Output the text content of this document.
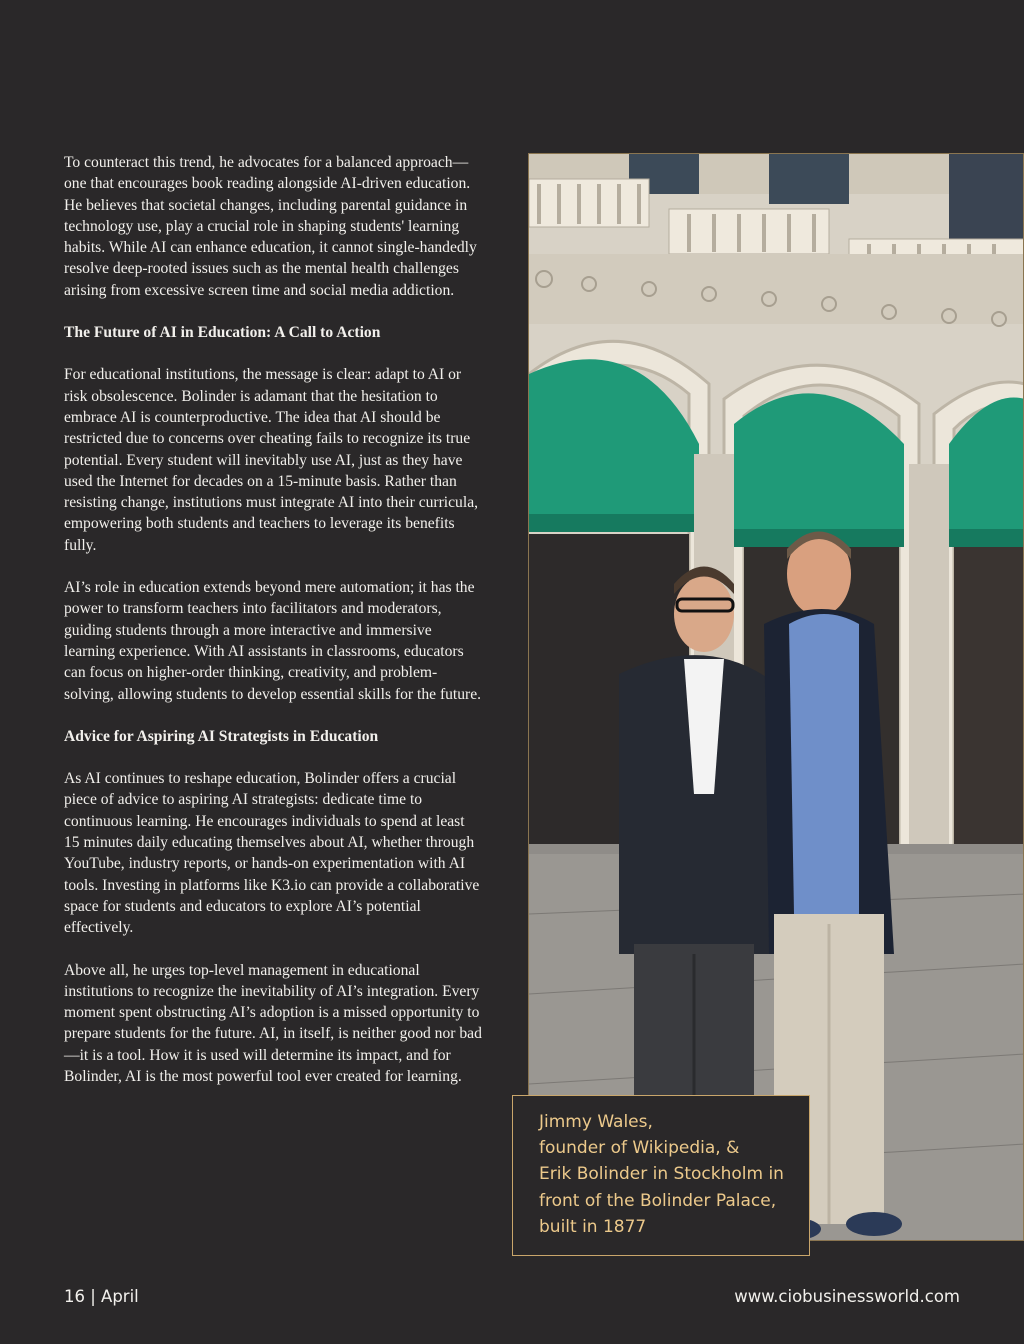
To counteract this trend, he advocates for a balanced approach—one that encourages book reading alongside AI-driven education. He believes that societal changes, including parental guidance in technology use, play a crucial role in shaping students' learning habits. While AI can enhance education, it cannot single-handedly resolve deep-rooted issues such as the mental health challenges arising from excessive screen time and social media addiction.

The Future of AI in Education: A Call to Action

For educational institutions, the message is clear: adapt to AI or risk obsolescence. Bolinder is adamant that the hesitation to embrace AI is counterproductive. The idea that AI should be restricted due to concerns over cheating fails to recognize its true potential. Every student will inevitably use AI, just as they have used the Internet for decades on a 15-minute basis. Rather than resisting change, institutions must integrate AI into their curricula, empowering both students and teachers to leverage its benefits fully.

AI’s role in education extends beyond mere automation; it has the power to transform teachers into facilitators and moderators, guiding students through a more interactive and immersive learning experience. With AI assistants in classrooms, educators can focus on higher-order thinking, creativity, and problem-solving, allowing students to develop essential skills for the future.

Advice for Aspiring AI Strategists in Education

As AI continues to reshape education, Bolinder offers a crucial piece of advice to aspiring AI strategists: dedicate time to continuous learning. He encourages individuals to spend at least 15 minutes daily educating themselves about AI, whether through YouTube, industry reports, or hands-on experimentation with AI tools. Investing in platforms like K3.io can provide a collaborative space for students and educators to explore AI’s potential effectively.

Above all, he urges top-level management in educational institutions to recognize the inevitability of AI’s integration. Every moment spent obstructing AI’s adoption is a missed opportunity to prepare students for the future. AI, in itself, is neither good nor bad—it is a tool. How it is used will determine its impact, and for Bolinder, AI is the most powerful tool ever created for learning.

Jimmy Wales,
founder of Wikipedia, &
Erik Bolinder in Stockholm in
front of the Bolinder Palace,
built in 1877
16 | April	www.ciobusinessworld.com
